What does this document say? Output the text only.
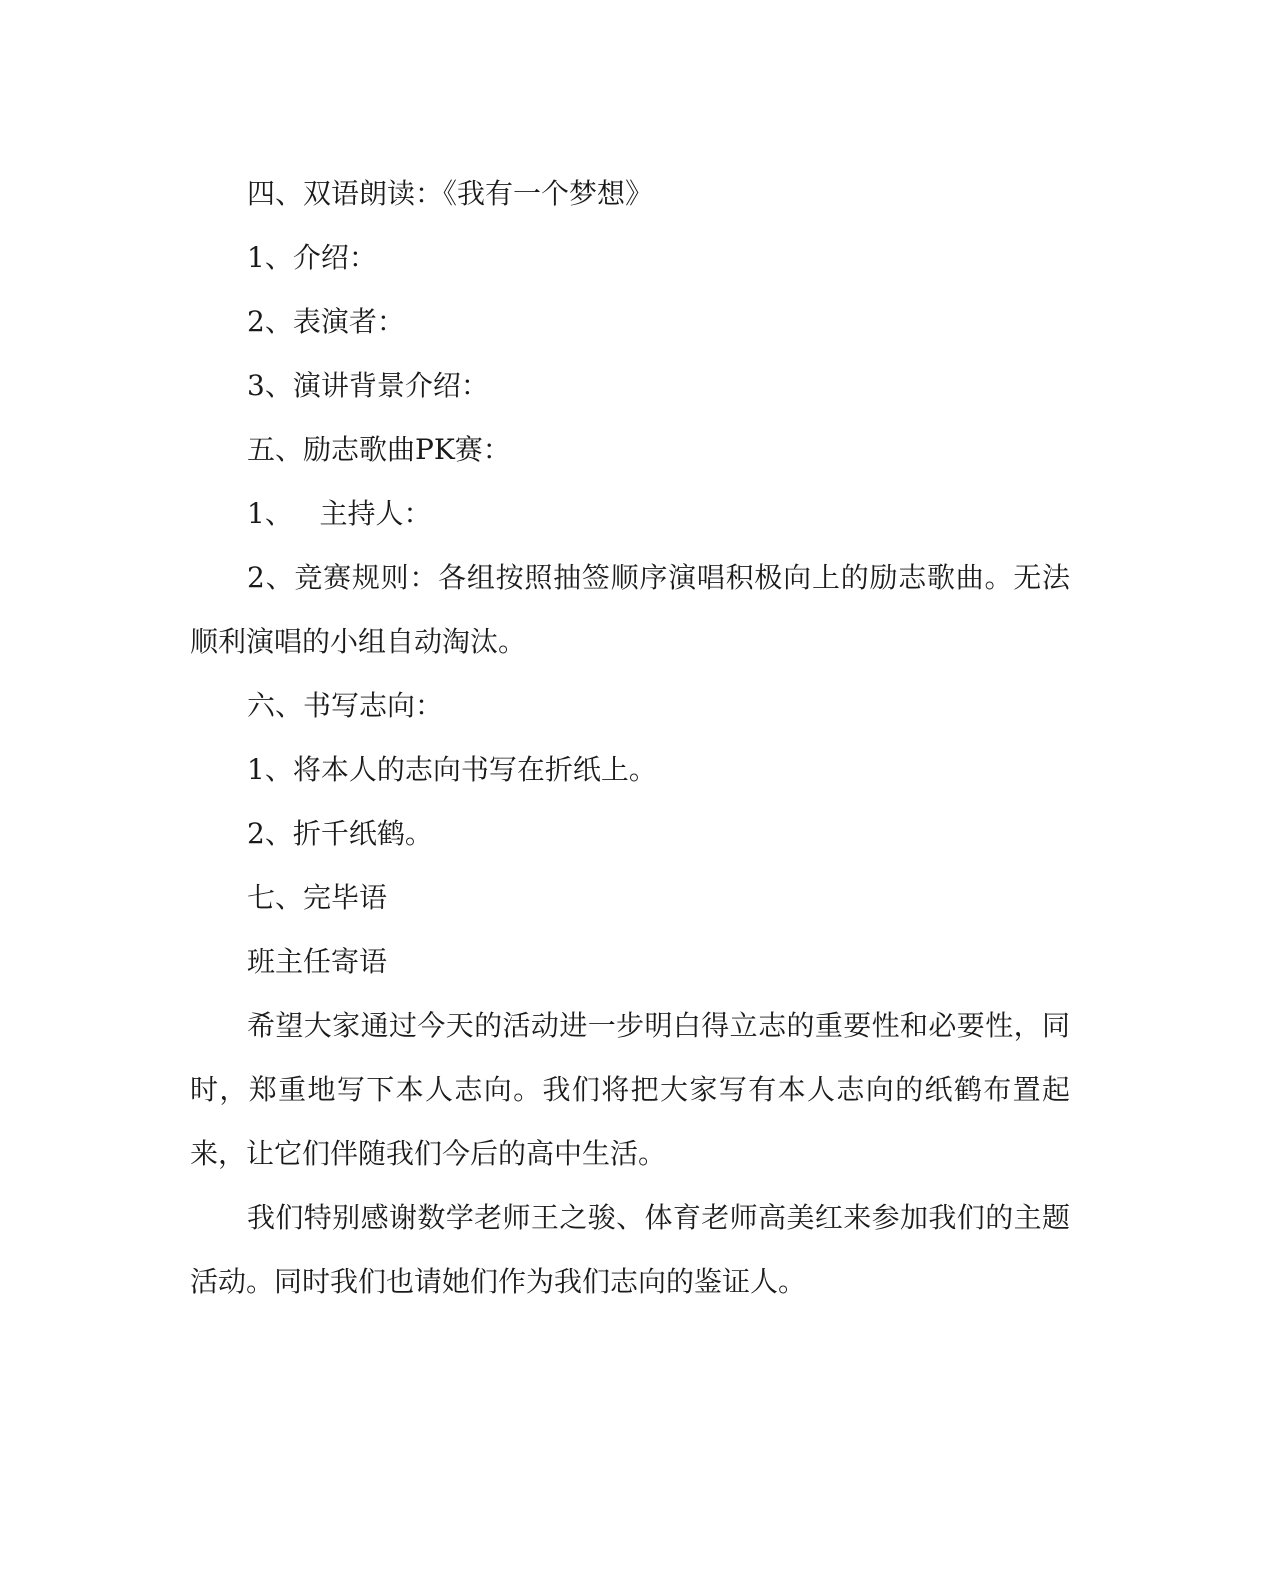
四、双语朗读：《我有一个梦想》

1、介绍：

2、表演者：

3、演讲背景介绍：

五、励志歌曲PK赛：

1、   主持人：

2、竞赛规则：各组按照抽签顺序演唱积极向上的励志歌曲。无法顺利演唱的小组自动淘汰。

六、书写志向：

1、将本人的志向书写在折纸上。

2、折千纸鹤。

七、完毕语

班主任寄语

希望大家通过今天的活动进一步明白得立志的重要性和必要性，同时，郑重地写下本人志向。我们将把大家写有本人志向的纸鹤布置起来，让它们伴随我们今后的高中生活。

我们特别感谢数学老师王之骏、体育老师高美红来参加我们的主题活动。同时我们也请她们作为我们志向的鉴证人。
